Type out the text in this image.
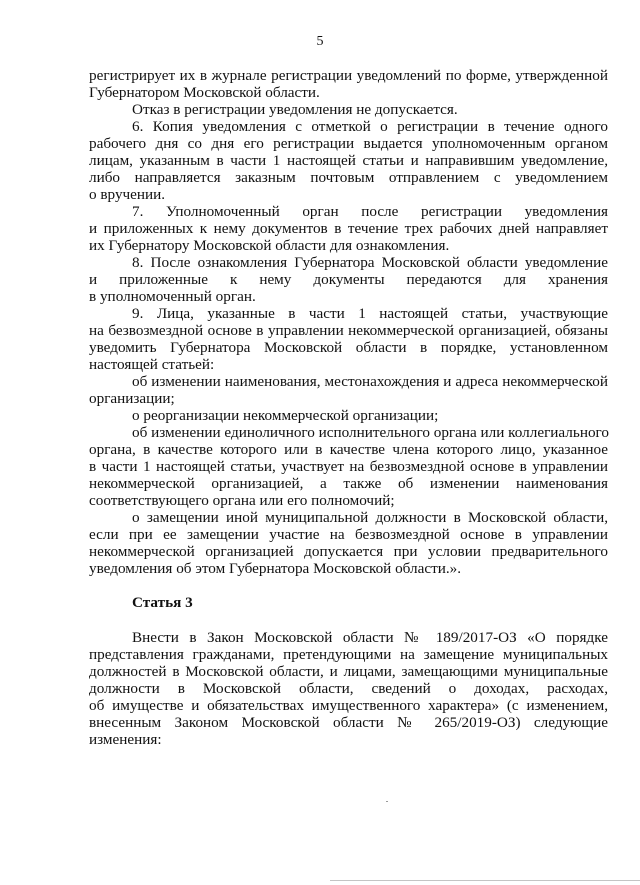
5
регистрирует их в журнале регистрации уведомлений по форме, утвержденной
Губернатором Московской области.
Отказ в регистрации уведомления не допускается.
6. Копия уведомления с отметкой о регистрации в течение одного
рабочего дня со дня его регистрации выдается уполномоченным органом
лицам, указанным в части 1 настоящей статьи и направившим уведомление,
либо направляется заказным почтовым отправлением с уведомлением
о вручении.
7. Уполномоченный орган после регистрации уведомления
и приложенных к нему документов в течение трех рабочих дней направляет
их Губернатору Московской области для ознакомления.
8. После ознакомления Губернатора Московской области уведомление
и приложенные к нему документы передаются для хранения
в уполномоченный орган.
9. Лица, указанные в части 1 настоящей статьи, участвующие
на безвозмездной основе в управлении некоммерческой организацией, обязаны
уведомить Губернатора Московской области в порядке, установленном
настоящей статьей:
об изменении наименования, местонахождения и адреса некоммерческой
организации;
о реорганизации некоммерческой организации;
об изменении единоличного исполнительного органа или коллегиального
органа, в качестве которого или в качестве члена которого лицо, указанное
в части 1 настоящей статьи, участвует на безвозмездной основе в управлении
некоммерческой организацией, а также об изменении наименования
соответствующего органа или его полномочий;
о замещении иной муниципальной должности в Московской области,
если при ее замещении участие на безвозмездной основе в управлении
некоммерческой организацией допускается при условии предварительного
уведомления об этом Губернатора Московской области.».
Статья 3
Внести в Закон Московской области № 189/2017-ОЗ «О порядке
представления гражданами, претендующими на замещение муниципальных
должностей в Московской области, и лицами, замещающими муниципальные
должности в Московской области, сведений о доходах, расходах,
об имуществе и обязательствах имущественного характера» (с изменением,
внесенным Законом Московской области № 265/2019-ОЗ) следующие
изменения:
